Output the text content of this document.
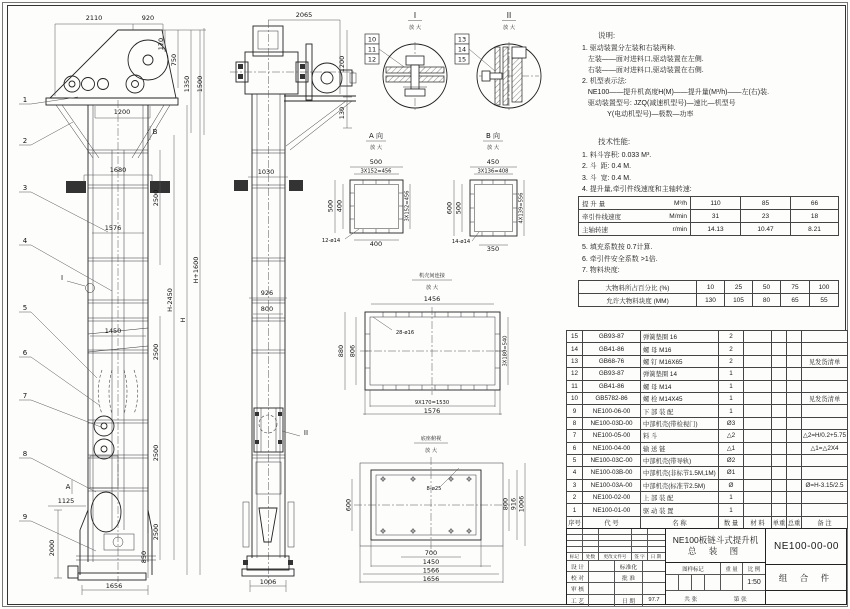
2110	920
170
750
1350 1500
1200
B
1680
2500
1576
H+1600
H-2450
H
1450
2500
2500
2500
1125
2000
850
1656
A
I
1
2
3
4
5
6
7
8
9
2065
1200
130
1030
926
800
1006
II
10
11
12
I
放 大
II
放 大
13
14
15
A 向
放 大
500
3X152=456
500 400	3X152=456
400
12-ø14
B 向
放 大
450
3X136=408
600 500	4X139=556
350
14-ø14
机壳间连接
放 大
1456
28-ø16
880 806	3X180=540
9X170=1530
1576
底座俯视
放 大
8-ø25
600	800 916 1006
700
1450
1566
1656
说明:
1. 驱动装置分左装和右装两种.
左装——面对进料口,驱动装置在左侧.
右装——面对进料口,驱动装置在右侧.
2. 机型表示法:
NE100——提升机高度H(M)——提升量(M³/h)——左(右)装.
驱动装置型号: JZQ(减速机型号)—速比—机型号
Y(电动机型号)—极数—功率
技术性能:
1. 料斗容积: 0.033 M³.
2. 斗  距: 0.4 M.
3. 斗  宽: 0.4 M.
4. 提升量,牵引件线速度和主轴转速:
提 升 量 M³/h	110	85	66

牵引件线速度 M/min	31	23	18

主轴转速 r/min	14.13	10.47	8.21
5. 填充系数按 0.7计算.
6. 牵引件安全系数 >1倍.
7. 物料块度:
大物料所占百分比 (%)	10	25	50	75	100
允许大物料块度 (MM)	130	105	80	65	55
15	GB93-87	弹簧垫圈 16	2				
14	GB41-86	螺 母 M16	2				
13	GB68-76	螺 钉 M16X65	2				见发货清单
12	GB93-87	弹簧垫圈 14	1				
11	GB41-86	螺 母 M14	1				
10	GB5782-86	螺 栓 M14X45	1				见发货清单
9	NE100-06-00	下 部 装 配	1				
8	NE100-03D-00	中部机壳(带检视门)	Ø3				
7	NE100-05-00	料 斗	△2				△2=H/0.2+5.75
6	NE100-04-00	输 送 链	△1				△1=△2X4
5	NE100-03C-00	中部机壳(带导轨)	Ø2				
4	NE100-03B-00	中部机壳(非标节1.5M,1M)	Ø1				
3	NE100-03A-00	中部机壳(标准节2.5M)	Ø				Ø=H-3.15/2.5
2	NE100-02-00	上 部 装 配	1				
1	NE100-01-00	驱 动 装 置	1				
序号	代 号	名 称	数 量	材 料	单重	总重	备 注
标记	处数	更改文件号	签 字	日 期
设 计	标准化
校 对	批 准
审 核
工 艺	日 期	97.7
NE100板链斗式提升机
总 装 图
图样标记	重 量	比 例
1:50
共 张	第 张
NE100-00-00
组 合 件
